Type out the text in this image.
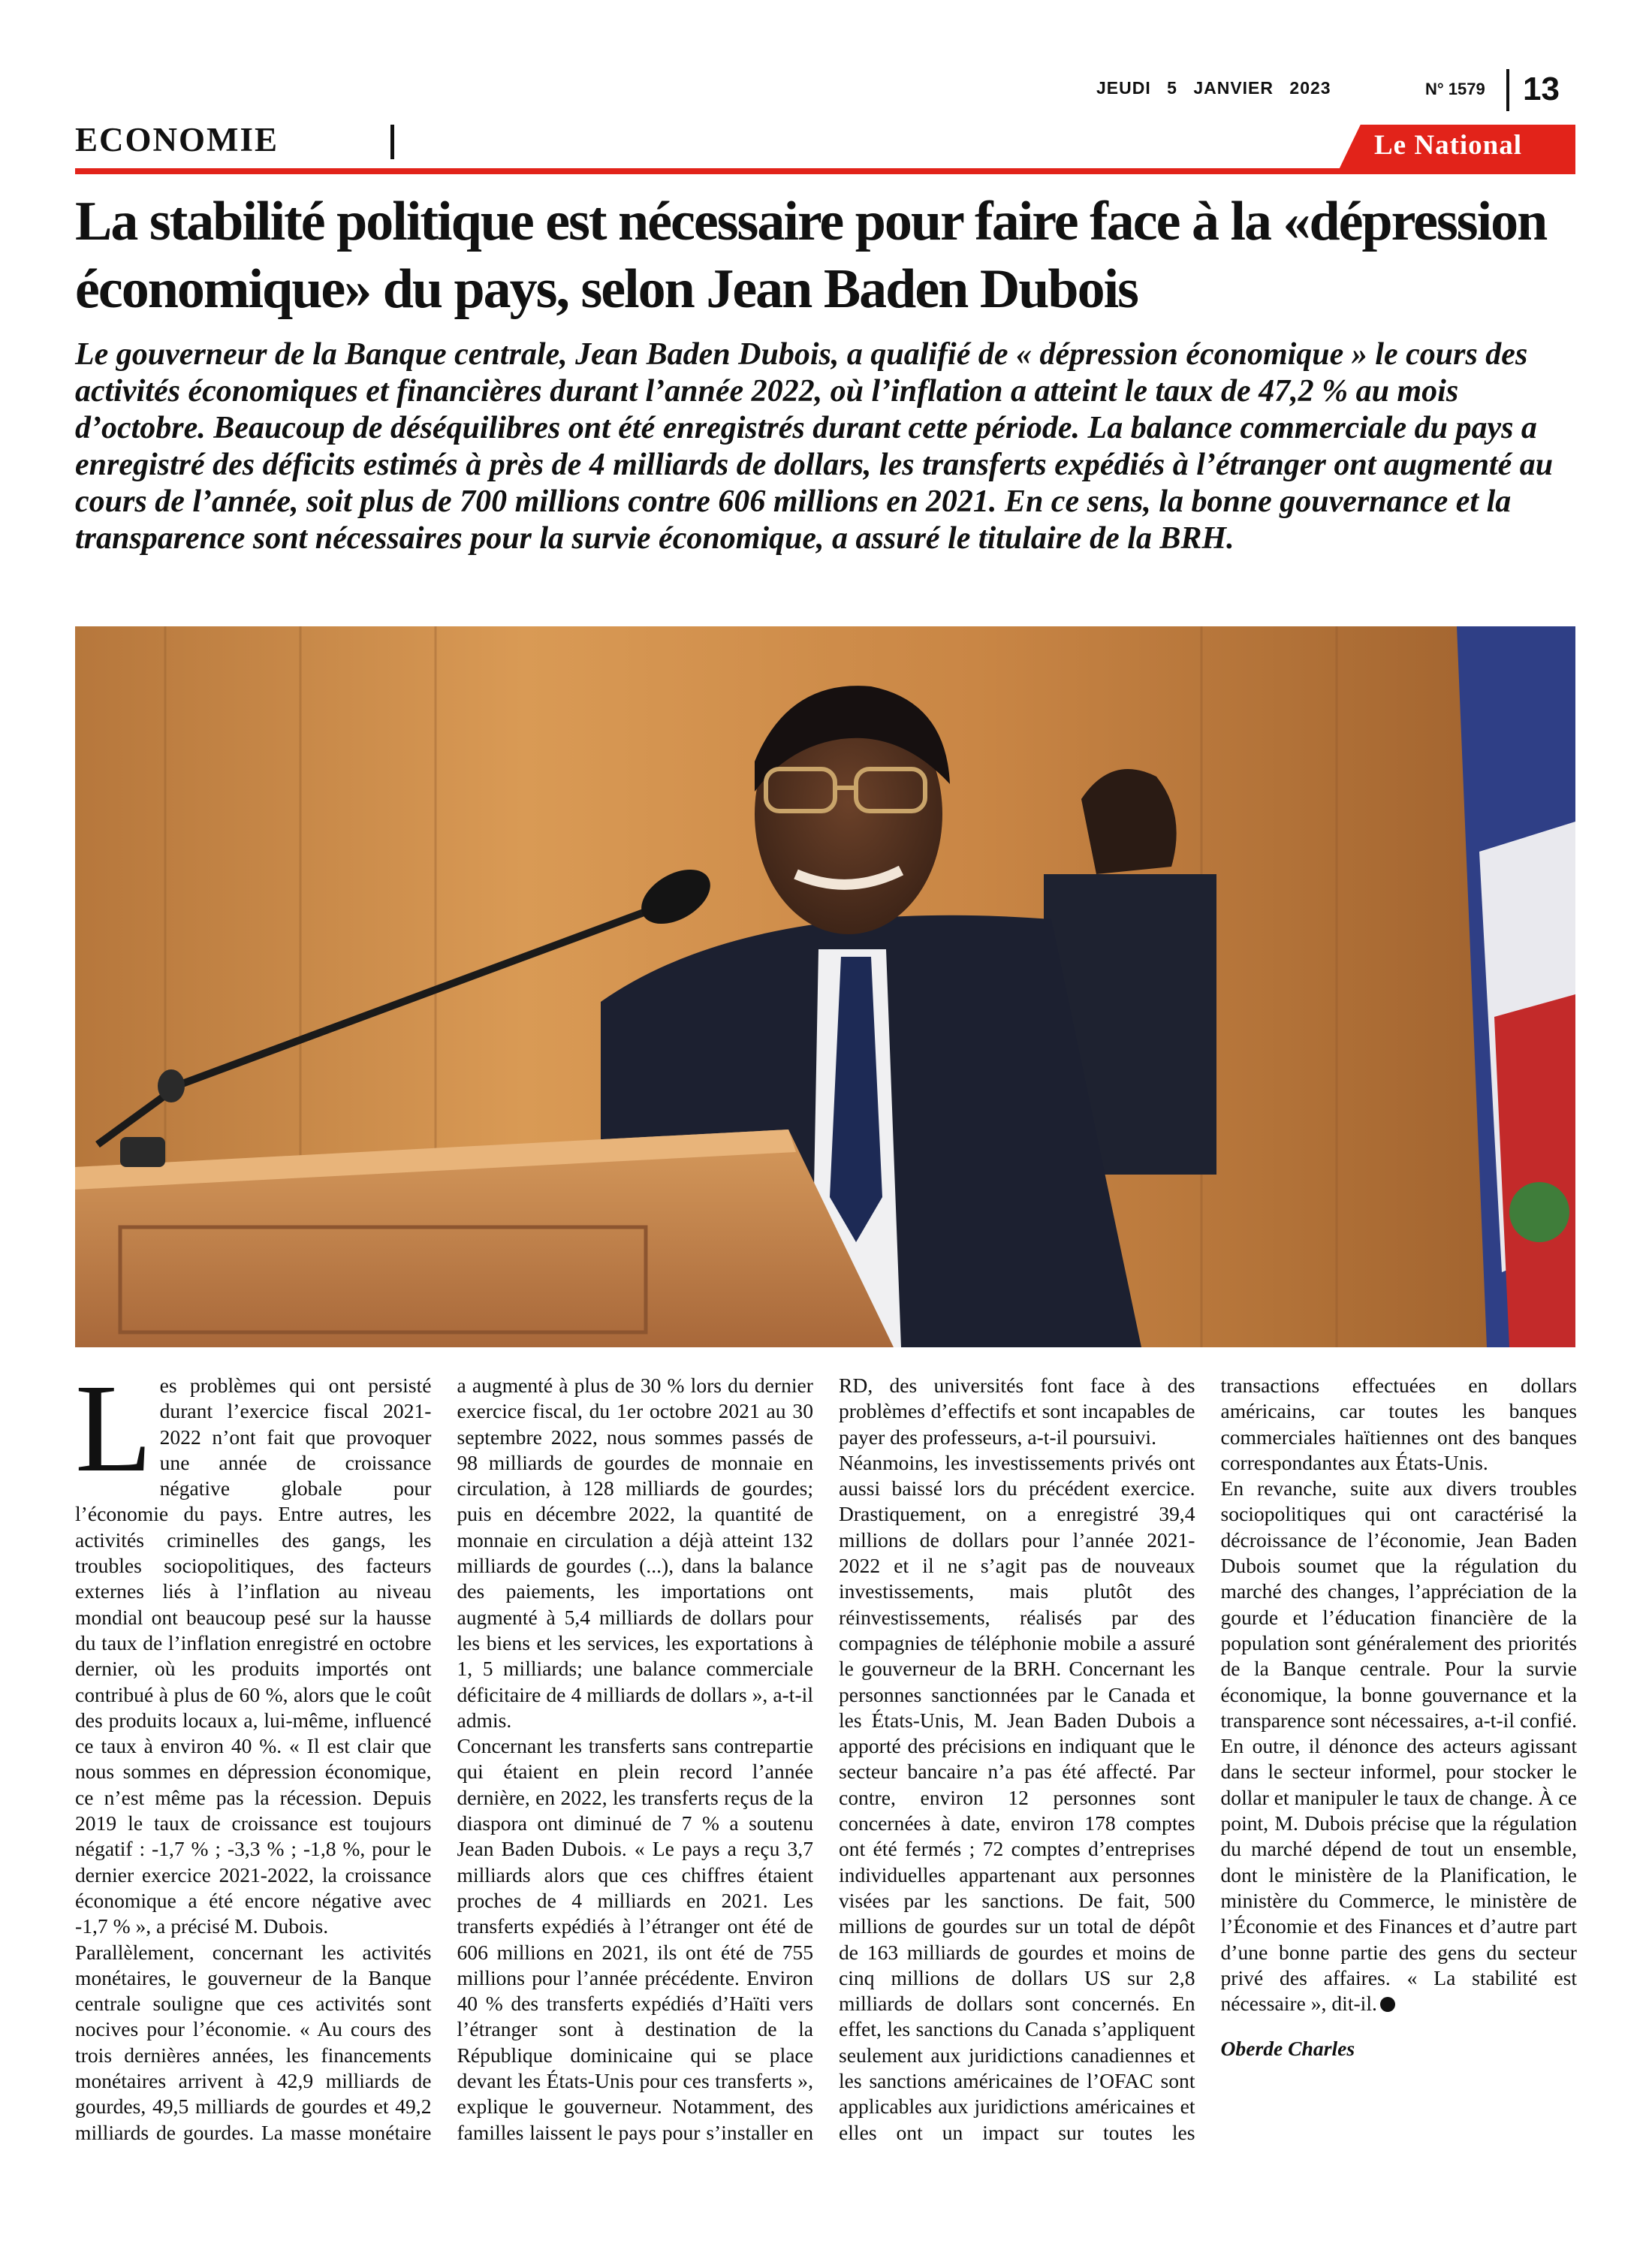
JEUDI 5 JANVIER 2023	N° 1579 13
ECONOMIE	Le National
La stabilité politique est nécessaire pour faire face à la «dépression économique» du pays, selon Jean Baden Dubois

Le gouverneur de la Banque centrale, Jean Baden Dubois, a qualifié de « dépression économique » le cours des activités économiques et financières durant l’année 2022, où l’inflation a atteint le taux de 47,2 % au mois d’octobre. Beaucoup de déséquilibres ont été enregistrés durant cette période. La balance commerciale du pays a enregistré des déficits estimés à près de 4 milliards de dollars, les transferts expédiés à l’étranger ont augmenté au cours de l’année, soit plus de 700 millions contre 606 millions en 2021. En ce sens, la bonne gouvernance et la transparence sont nécessaires pour la survie économique, a assuré le titulaire de la BRH.

Les problèmes qui ont persisté durant l’exercice fiscal 2021-2022 n’ont fait que provoquer une année de croissance négative globale pour l’économie du pays. Entre autres, les activités criminelles des gangs, les troubles sociopolitiques, des facteurs externes liés à l’inflation au niveau mondial ont beaucoup pesé sur la hausse du taux de l’inflation enregistré en octobre dernier, où les produits importés ont contribué à plus de 60 %, alors que le coût des produits locaux a, lui-même, influencé ce taux à environ 40 %. « Il est clair que nous sommes en dépression économique, ce n’est même pas la récession. Depuis 2019 le taux de croissance est toujours négatif : -1,7 % ; -3,3 % ; -1,8 %, pour le dernier exercice 2021-2022, la croissance économique a été encore négative avec -1,7 % », a précisé M. Dubois.

Parallèlement, concernant les activités monétaires, le gouverneur de la Banque centrale souligne que ces activités sont nocives pour l’économie. « Au cours des trois dernières années, les financements monétaires arrivent à 42,9 milliards de gourdes, 49,5 milliards de gourdes et 49,2 milliards de gourdes. La masse monétaire a augmenté à plus de 30 % lors du dernier exercice fiscal, du 1er octobre 2021 au 30 septembre 2022, nous sommes passés de 98 milliards de gourdes de monnaie en circulation, à 128 milliards de gourdes; puis en décembre 2022, la quantité de monnaie en circulation a déjà atteint 132 milliards de gourdes (...), dans la balance des paiements, les importations ont augmenté à 5,4 milliards de dollars pour les biens et les services, les exportations à 1, 5 milliards; une balance commerciale déficitaire de 4 milliards de dollars », a-t-il admis.

Concernant les transferts sans contrepartie qui étaient en plein record l’année dernière, en 2022, les transferts reçus de la diaspora ont diminué de 7 % a soutenu Jean Baden Dubois. « Le pays a reçu 3,7 milliards alors que ces chiffres étaient proches de 4 milliards en 2021. Les transferts expédiés à l’étranger ont été de 606 millions en 2021, ils ont été de 755 millions pour l’année précédente. Environ 40 % des transferts expédiés d’Haïti vers l’étranger sont à destination de la République dominicaine qui se place devant les États-Unis pour ces transferts », explique le gouverneur. Notamment, des familles laissent le pays pour s’installer en RD, des universités font face à des problèmes d’effectifs et sont incapables de payer des professeurs, a-t-il poursuivi.

Néanmoins, les investissements privés ont aussi baissé lors du précédent exercice. Drastiquement, on a enregistré 39,4 millions de dollars pour l’année 2021-2022 et il ne s’agit pas de nouveaux investissements, mais plutôt des réinvestissements, réalisés par des compagnies de téléphonie mobile a assuré le gouverneur de la BRH. Concernant les personnes sanctionnées par le Canada et les États-Unis, M. Jean Baden Dubois a apporté des précisions en indiquant que le secteur bancaire n’a pas été affecté. Par contre, environ 12 personnes sont concernées à date, environ 178 comptes ont été fermés ; 72 comptes d’entreprises individuelles appartenant aux personnes visées par les sanctions. De fait, 500 millions de gourdes sur un total de dépôt de 163 milliards de gourdes et moins de cinq millions de dollars US sur 2,8 milliards de dollars sont concernés. En effet, les sanctions du Canada s’appliquent seulement aux juridictions canadiennes et les sanctions américaines de l’OFAC sont applicables aux juridictions américaines et elles ont un impact sur toutes les transactions effectuées en dollars américains, car toutes les banques commerciales haïtiennes ont des banques correspondantes aux États-Unis.

En revanche, suite aux divers troubles sociopolitiques qui ont caractérisé la décroissance de l’économie, Jean Baden Dubois soumet que la régulation du marché des changes, l’appréciation de la gourde et l’éducation financière de la population sont généralement des priorités de la Banque centrale. Pour la survie économique, la bonne gouvernance et la transparence sont nécessaires, a-t-il confié. En outre, il dénonce des acteurs agissant dans le secteur informel, pour stocker le dollar et manipuler le taux de change. À ce point, M. Dubois précise que la régulation du marché dépend de tout un ensemble, dont le ministère de la Planification, le ministère du Commerce, le ministère de l’Économie et des Finances et d’autre part d’une bonne partie des gens du secteur privé des affaires. « La stabilité est nécessaire », dit-il.

Oberde Charles
